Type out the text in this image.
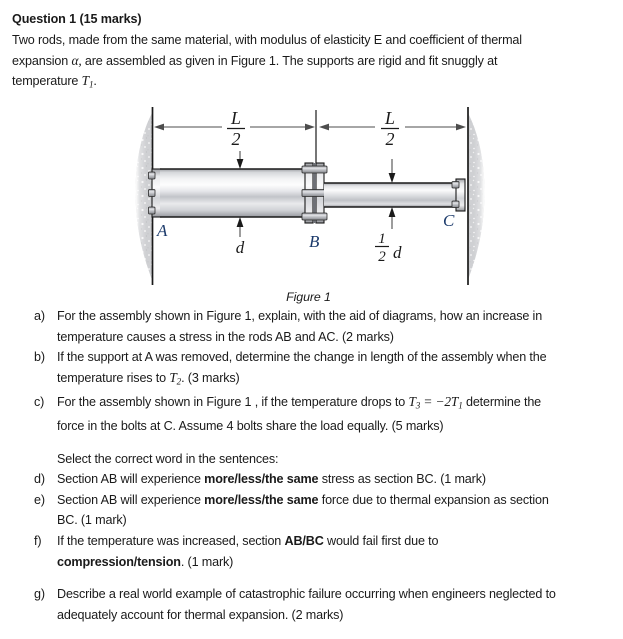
Question 1 (15 marks)
Two rods, made from the same material, with modulus of elasticity E and coefficient of thermal
expansion α, are assembled as given in Figure 1. The supports are rigid and fit snuggly at
temperature $T_1$.
L
2
L
2
d	1
2 d
A
B
C
Figure 1
a) For the assembly shown in Figure 1, explain, with the aid of diagrams, how an increase in
temperature causes a stress in the rods AB and AC. (2 marks)
b) If the support at A was removed, determine the change in length of the assembly when the
temperature rises to $T_2$. (3 marks)
c) For the assembly shown in Figure 1 , if the temperature drops to $T_3 = -2T_1$ determine the
force in the bolts at C. Assume 4 bolts share the load equally. (5 marks)
Select the correct word in the sentences:
d) Section AB will experience more/less/the same stress as section BC. (1 mark)
e) Section AB will experience more/less/the same force due to thermal expansion as section
BC. (1 mark)
f) If the temperature was increased, section AB/BC would fail first due to
compression/tension. (1 mark)
g) Describe a real world example of catastrophic failure occurring when engineers neglected to
adequately account for thermal expansion. (2 marks)
